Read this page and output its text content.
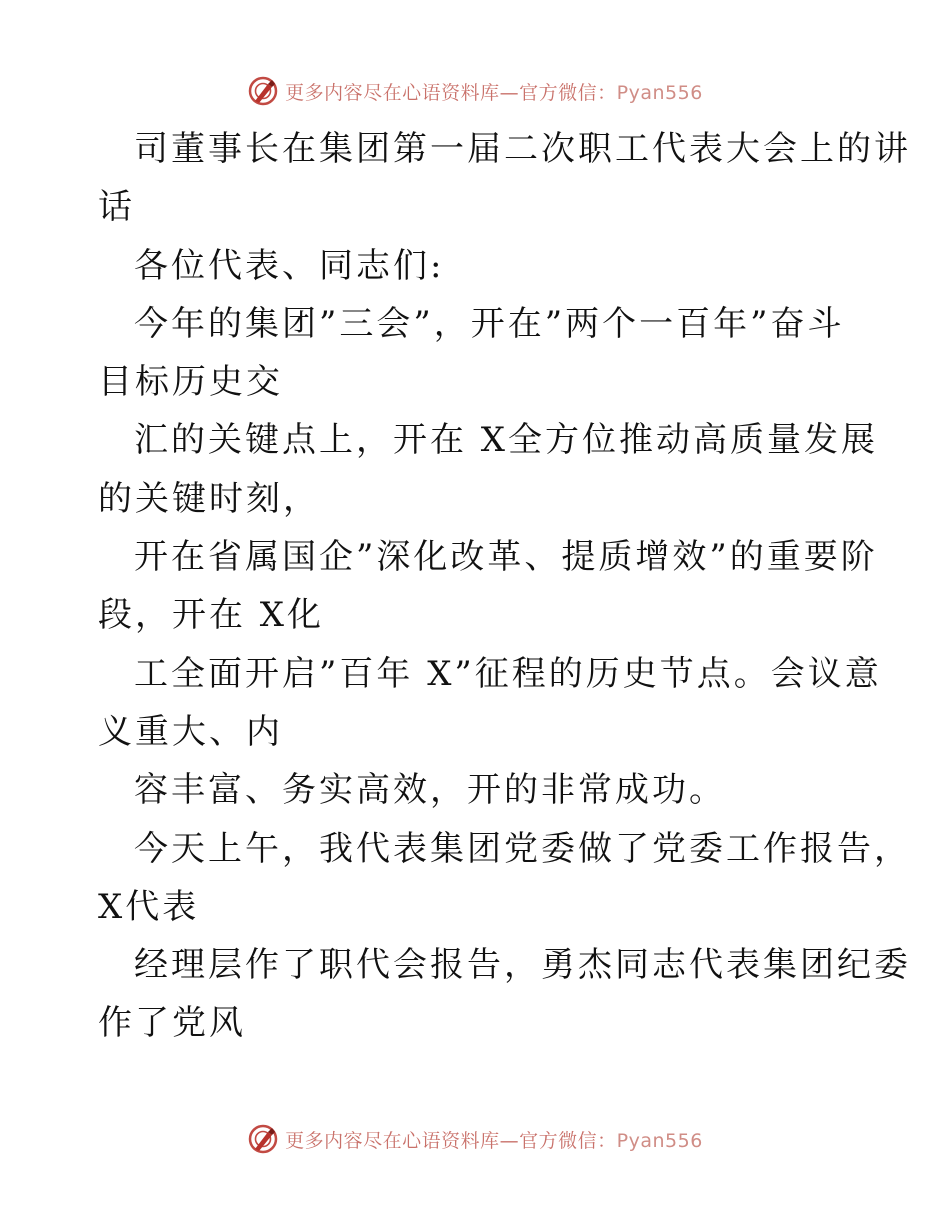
更多内容尽在心语资料库—官方微信：Pyan556
司董事长在集团第一届二次职工代表大会上的讲
话
各位代表、同志们:
今年的集团”三会”，开在”两个一百年”奋斗
目标历史交
汇的关键点上，开在 X全方位推动高质量发展
的关键时刻，
开在省属国企”深化改革、提质增效”的重要阶
段，开在 X化
工全面开启”百年 X”征程的历史节点。会议意
义重大、内
容丰富、务实高效，开的非常成功。
今天上午，我代表集团党委做了党委工作报告，
X代表
经理层作了职代会报告，勇杰同志代表集团纪委
作了党风
更多内容尽在心语资料库—官方微信：Pyan556
